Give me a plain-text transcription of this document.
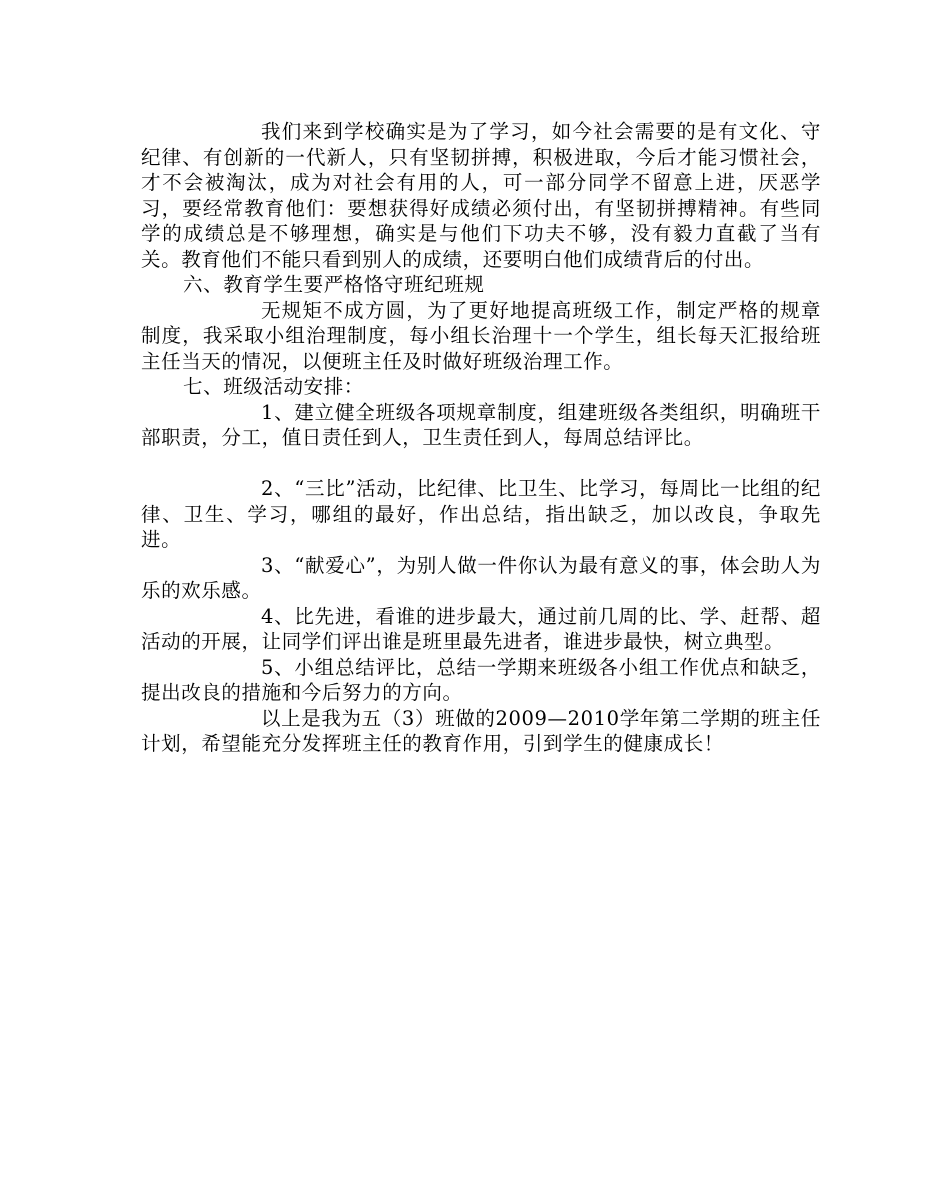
我们来到学校确实是为了学习，如今社会需要的是有文化、守纪律、有创新的一代新人，只有坚韧拼搏，积极进取，今后才能习惯社会，才不会被淘汰，成为对社会有用的人，可一部分同学不留意上进，厌恶学习，要经常教育他们：要想获得好成绩必须付出，有坚韧拼搏精神。有些同学的成绩总是不够理想，确实是与他们下功夫不够，没有毅力直截了当有关。教育他们不能只看到别人的成绩，还要明白他们成绩背后的付出。

六、教育学生要严格恪守班纪班规

无规矩不成方圆，为了更好地提高班级工作，制定严格的规章制度，我采取小组治理制度，每小组长治理十一个学生，组长每天汇报给班主任当天的情况，以便班主任及时做好班级治理工作。

七、班级活动安排：

1、建立健全班级各项规章制度，组建班级各类组织，明确班干部职责，分工，值日责任到人，卫生责任到人，每周总结评比。

2、“三比”活动，比纪律、比卫生、比学习，每周比一比组的纪律、卫生、学习，哪组的最好，作出总结，指出缺乏，加以改良，争取先进。

3、“献爱心”，为别人做一件你认为最有意义的事，体会助人为乐的欢乐感。

4、比先进，看谁的进步最大，通过前几周的比、学、赶帮、超活动的开展，让同学们评出谁是班里最先进者，谁进步最快，树立典型。

5、小组总结评比，总结一学期来班级各小组工作优点和缺乏，提出改良的措施和今后努力的方向。

以上是我为五（3）班做的2009—2010学年第二学期的班主任计划，希望能充分发挥班主任的教育作用，引到学生的健康成长！
